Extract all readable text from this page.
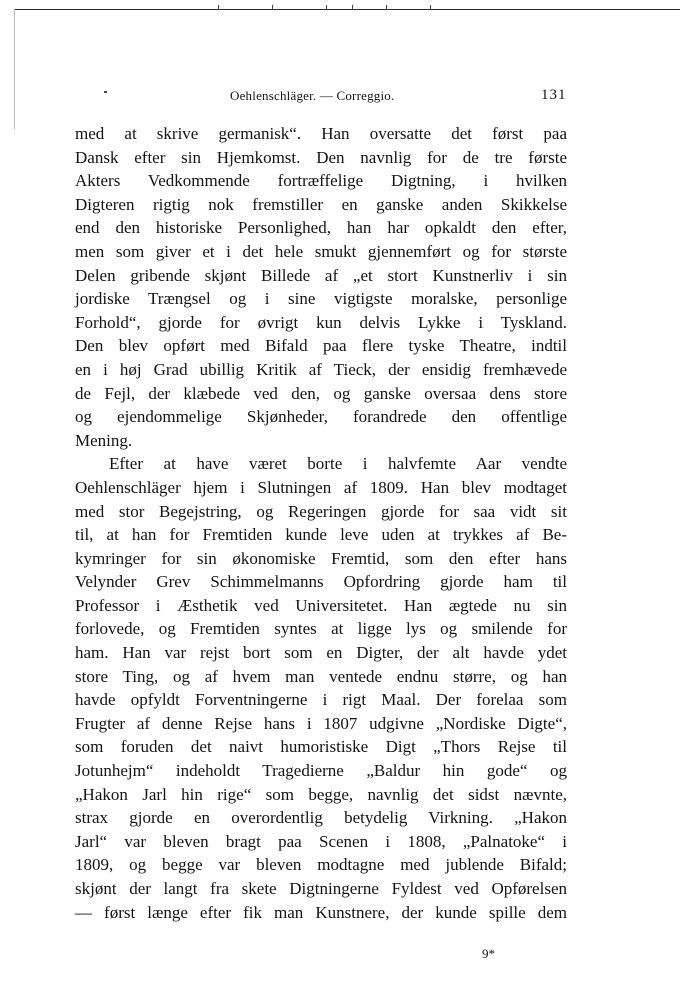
Oehlenschläger. — Correggio.	131
med at skrive germanisk“. Han oversatte det først paa
Dansk efter sin Hjemkomst. Den navnlig for de tre første
Akters Vedkommende fortræffelige Digtning, i hvilken
Digteren rigtig nok fremstiller en ganske anden Skikkelse
end den historiske Personlighed, han har opkaldt den efter,
men som giver et i det hele smukt gjennemført og for største
Delen gribende skjønt Billede af „et stort Kunstnerliv i sin
jordiske Trængsel og i sine vigtigste moralske, personlige
Forhold“, gjorde for øvrigt kun delvis Lykke i Tyskland.
Den blev opført med Bifald paa flere tyske Theatre, indtil
en i høj Grad ubillig Kritik af Tieck, der ensidig fremhævede
de Fejl, der klæbede ved den, og ganske oversaa dens store
og ejendommelige Skjønheder, forandrede den offentlige
Mening.
Efter at have været borte i halvfemte Aar vendte
Oehlenschläger hjem i Slutningen af 1809. Han blev modtaget
med stor Begejstring, og Regeringen gjorde for saa vidt sit
til, at han for Fremtiden kunde leve uden at trykkes af Be-
kymringer for sin økonomiske Fremtid, som den efter hans
Velynder Grev Schimmelmanns Opfordring gjorde ham til
Professor i Æsthetik ved Universitetet. Han ægtede nu sin
forlovede, og Fremtiden syntes at ligge lys og smilende for
ham. Han var rejst bort som en Digter, der alt havde ydet
store Ting, og af hvem man ventede endnu større, og han
havde opfyldt Forventningerne i rigt Maal. Der forelaa som
Frugter af denne Rejse hans i 1807 udgivne „Nordiske Digte“,
som foruden det naivt humoristiske Digt „Thors Rejse til
Jotunhejm“ indeholdt Tragedierne „Baldur hin gode“ og
„Hakon Jarl hin rige“ som begge, navnlig det sidst nævnte,
strax gjorde en overordentlig betydelig Virkning. „Hakon
Jarl“ var bleven bragt paa Scenen i 1808, „Palnatoke“ i
1809, og begge var bleven modtagne med jublende Bifald;
skjønt der langt fra skete Digtningerne Fyldest ved Opførelsen
— først længe efter fik man Kunstnere, der kunde spille dem
9*
